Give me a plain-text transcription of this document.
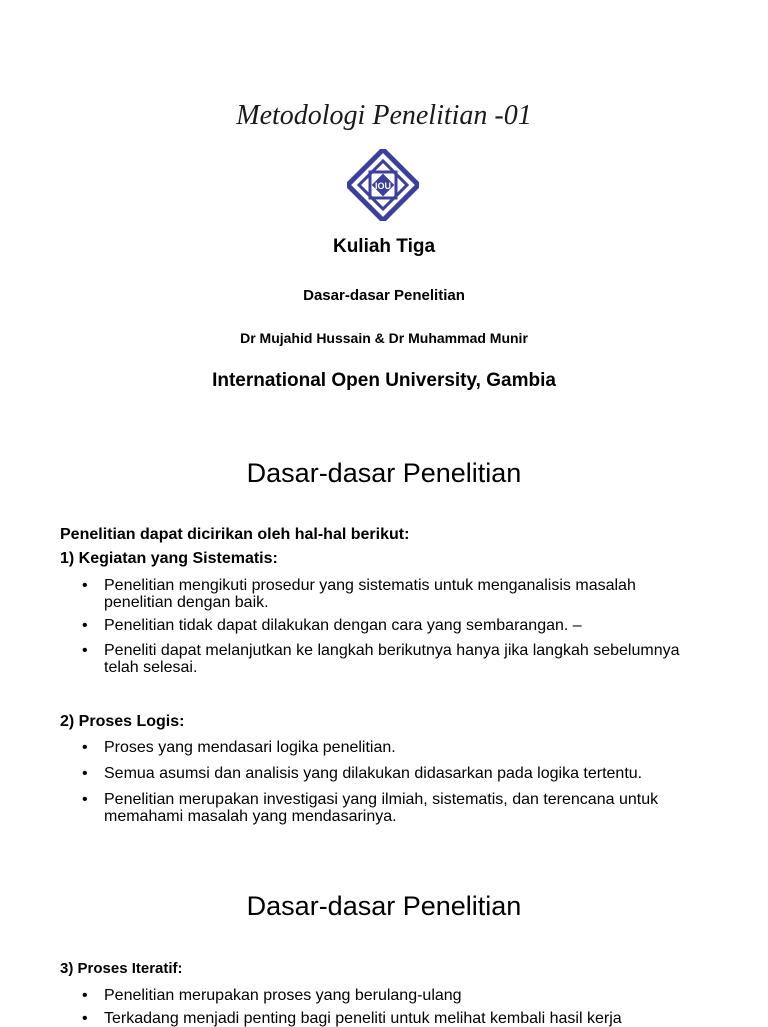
Metodologi Penelitian -01
IOU
Kuliah Tiga
Dasar-dasar Penelitian
Dr Mujahid Hussain & Dr Muhammad Munir
International Open University, Gambia
Dasar-dasar Penelitian
Penelitian dapat dicirikan oleh hal-hal berikut:
1) Kegiatan yang Sistematis:
• Penelitian mengikuti prosedur yang sistematis untuk menganalisis masalah penelitian dengan baik.
• Penelitian tidak dapat dilakukan dengan cara yang sembarangan. –
• Peneliti dapat melanjutkan ke langkah berikutnya hanya jika langkah sebelumnya telah selesai.
2) Proses Logis:
• Proses yang mendasari logika penelitian.
• Semua asumsi dan analisis yang dilakukan didasarkan pada logika tertentu.
• Penelitian merupakan investigasi yang ilmiah, sistematis, dan terencana untuk memahami masalah yang mendasarinya.
Dasar-dasar Penelitian
3) Proses Iteratif:
• Penelitian merupakan proses yang berulang-ulang
• Terkadang menjadi penting bagi peneliti untuk melihat kembali hasil kerja
